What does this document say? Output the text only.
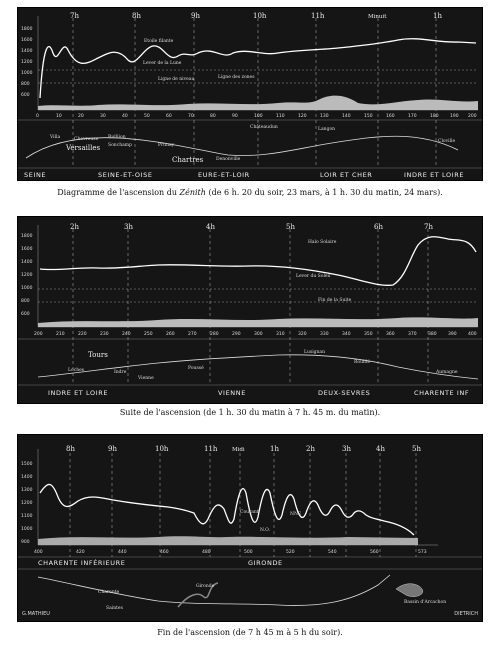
7h	8h	9h	10h	11h	Minuit	1h
1800
1600
1400
1200
1000
800
600
0	10	20	30	40	50	60	70	80	90	100	110	120	130	140	150	160	170	180	190 200
Etoile filante
Lever de la Lune
Ligne de niveau	Ligne des zones
Villa	Chevreuse Rulliion
Versailles Sonchamp	Prunay
Chartres
Châteaudun	Langon
Cloville
Denonville
SEINE	SEINE-ET-OISE	EURE-ET-LOIR	LOIR ET CHER	INDRE ET LOIRE
Diagramme de l'ascension du Zénith (de 6 h. 20 du soir, 23 mars, à 1 h. 30 du matin, 24 mars).
2h	3h	4h	5h	6h	7h
1800
1600
1400
1200
1000
800
600
200	210	220	230	240	250	260	270	280	290	300	310	320	330	340	350	360	370	380	390	400
Halo Solaire
Lever du Soleil
Fin de la Suite
Tours
Loches	Indre
Vienne
Poussé
Lusignan
Rouillé
Aumagne
INDRE ET LOIRE	VIENNE	DEUX-SEVRES	CHARENTE INF
Suite de l'ascension (de 1 h. 30 du matin à 7 h. 45 m. du matin).
8h	9h	10h	11h	Midi	1h	2h	3h	4h	5h
1500
1400
1300
1200
1100
1000
900
400	420	440	460	480	500	520	540	560	573
Courant	NNE
N.O.
Charente
Saintes
Gironde
Bassin d'Arcachon
CHARENTE INFÉRIEURE	GIRONDE
G.MATHIEU	DIETRICH
Fin de l'ascension (de 7 h 45 m à 5 h du soir).
